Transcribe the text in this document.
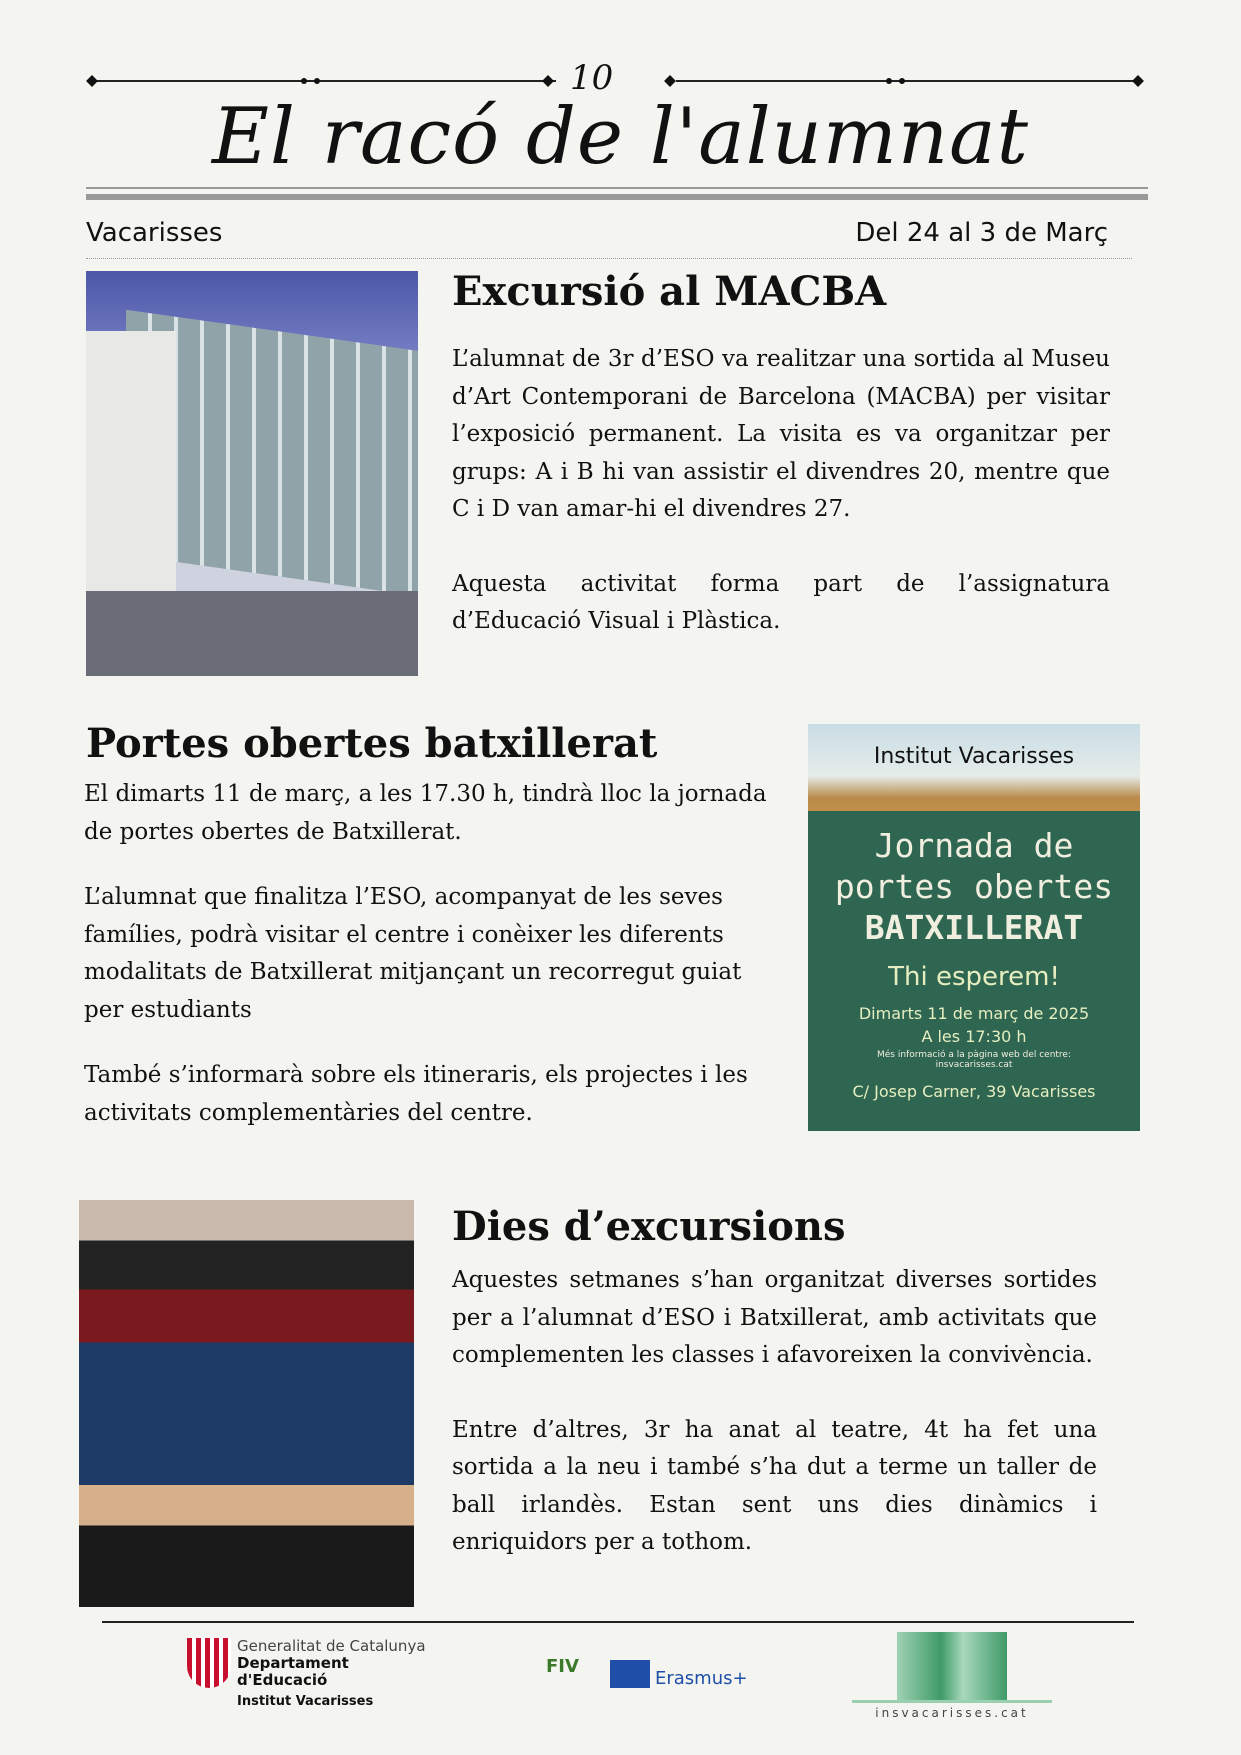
10
El racó de l'alumnat
Vacarisses	Del 24 al 3 de Març
Excursió al MACBA

L’alumnat de 3r d’ESO va realitzar una sortida al Museu d’Art Contemporani de Barcelona (MACBA) per visitar l’exposició permanent. La visita es va organitzar per grups: A i B hi van assistir el divendres 20, mentre que C i D van amar-hi el divendres 27.

Aquesta activitat forma part de l’assignatura d’Educació Visual i Plàstica.

Portes obertes batxillerat

El dimarts 11 de març, a les 17.30 h, tindrà lloc la jornada de portes obertes de Batxillerat.

L’alumnat que finalitza l’ESO, acompanyat de les seves famílies, podrà visitar el centre i conèixer les diferents modalitats de Batxillerat mitjançant un recorregut guiat per estudiants

També s’informarà sobre els itineraris, els projectes i les activitats complementàries del centre.

Institut Vacarisses
Jornada de
portes obertes
BATXILLERAT
Thi esperem!
Dimarts 11 de març de 2025
A les 17:30 h
Més informació a la pàgina web del centre:
insvacarisses.cat
C/ Josep Carner, 39 Vacarisses
Dies d’excursions

Aquestes setmanes s’han organitzat diverses sortides per a l’alumnat d’ESO i Batxillerat, amb activitats que complementen les classes i afavoreixen la convivència.

Entre d’altres, 3r ha anat al teatre, 4t ha fet una sortida a la neu i també s’ha dut a terme un taller de ball irlandès. Estan sent uns dies dinàmics i enriquidors per a tothom.

Generalitat de Catalunya
Departament
d'Educació
Institut Vacarisses
FIV
Erasmus+
insvacarisses.cat
